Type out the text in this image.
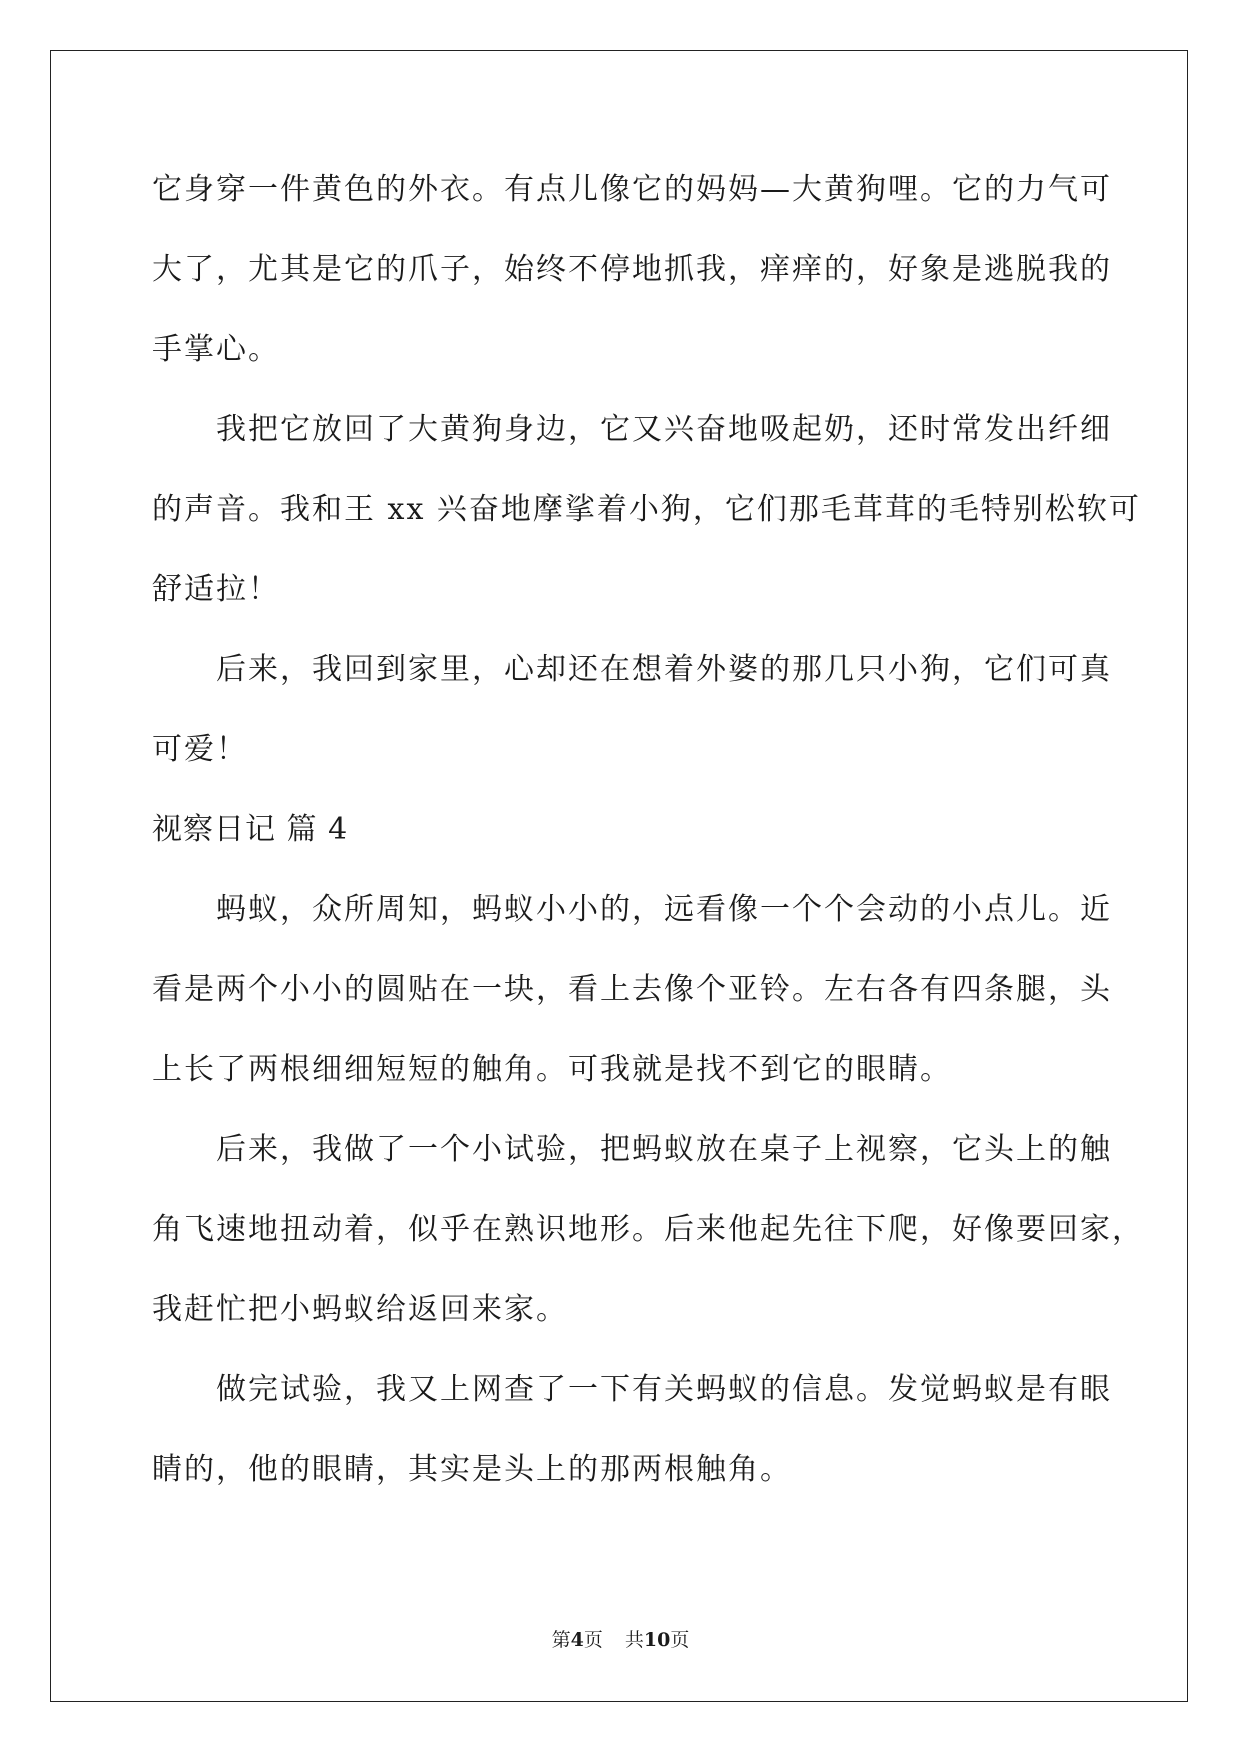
它身穿一件黄色的外衣。有点儿像它的妈妈—大黄狗哩。它的力气可
大了，尤其是它的爪子，始终不停地抓我，痒痒的，好象是逃脱我的
手掌心。
我把它放回了大黄狗身边，它又兴奋地吸起奶，还时常发出纤细
的声音。我和王 xx 兴奋地摩挲着小狗，它们那毛茸茸的毛特别松软可
舒适拉！
后来，我回到家里，心却还在想着外婆的那几只小狗，它们可真
可爱！
视察日记 篇 4
蚂蚁，众所周知，蚂蚁小小的，远看像一个个会动的小点儿。近
看是两个小小的圆贴在一块，看上去像个亚铃。左右各有四条腿，头
上长了两根细细短短的触角。可我就是找不到它的眼睛。
后来，我做了一个小试验，把蚂蚁放在桌子上视察，它头上的触
角飞速地扭动着，似乎在熟识地形。后来他起先往下爬，好像要回家，
我赶忙把小蚂蚁给返回来家。
做完试验，我又上网查了一下有关蚂蚁的信息。发觉蚂蚁是有眼
睛的，他的眼睛，其实是头上的那两根触角。
第4页 共10页
